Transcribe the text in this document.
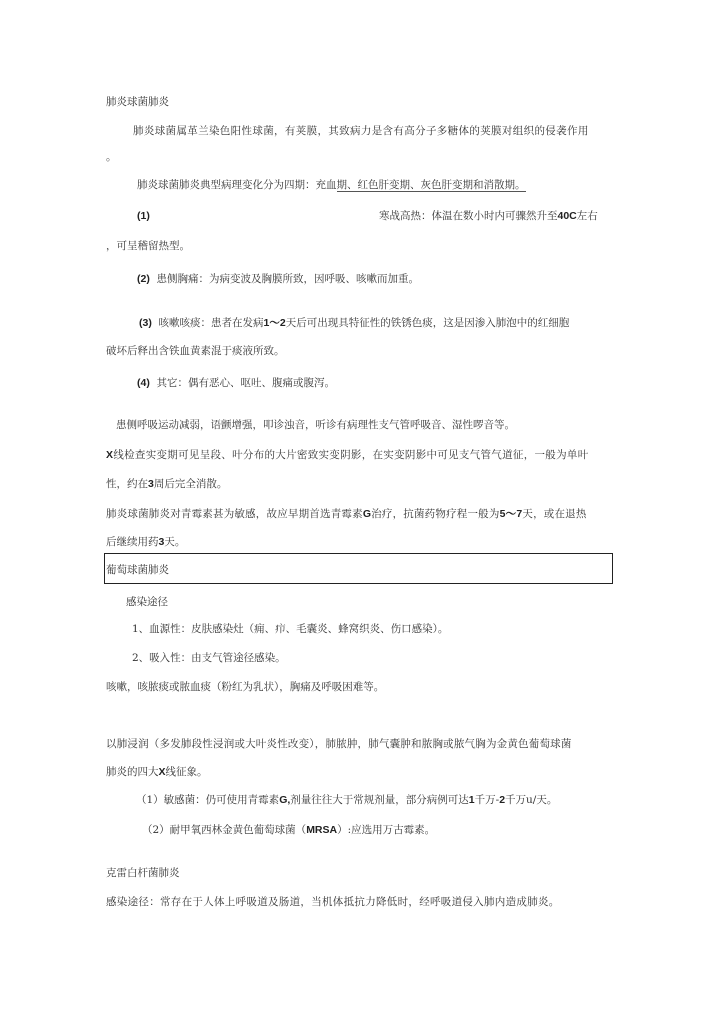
肺炎球菌肺炎
肺炎球菌属革兰染色阳性球菌，有荚膜，其致病力是含有高分子多糖体的荚膜对组织的侵袭作用
。
肺炎球菌肺炎典型病理变化分为四期：充血期、红色肝变期、灰色肝变期和消散期。
(1)	寒战高热：体温在数小时内可骤然升至40C左右
，可呈稽留热型。
(2) 患侧胸痛：为病变波及胸膜所致，因呼吸、咳嗽而加重。
(3) 咳嗽咳痰：患者在发病1～2天后可出现具特征性的铁锈色痰，这是因渗入肺泡中的红细胞
破坏后释出含铁血黄素混于痰液所致。
(4) 其它：偶有恶心、呕吐、腹痛或腹泻。
患侧呼吸运动减弱，语颤增强，叩诊浊音，听诊有病理性支气管呼吸音、湿性啰音等。
X线检查实变期可见呈段、叶分布的大片密致实变阴影，在实变阴影中可见支气管气道征，一般为单叶
性，约在3周后完全消散。
肺炎球菌肺炎对青霉素甚为敏感，故应早期首选青霉素G治疗，抗菌药物疗程一般为5～7天，或在退热
后继续用药3天。
葡萄球菌肺炎
感染途径
1、血源性：皮肤感染灶（痈、疖、毛囊炎、蜂窝织炎、伤口感染）。
2、吸入性：由支气管途径感染。
咳嗽，咳脓痰或脓血痰（粉红为乳状），胸痛及呼吸困难等。
以肺浸润（多发肺段性浸润或大叶炎性改变），肺脓肿，肺气囊肿和脓胸或脓气胸为金黄色葡萄球菌
肺炎的四大X线征象。
（1）敏感菌：仍可使用青霉素G,剂量往往大于常规剂量，部分病例可达1千万-2千万u/天。
（2）耐甲氧西林金黄色葡萄球菌（MRSA）:应选用万古霉素。
克雷白杆菌肺炎
感染途径：常存在于人体上呼吸道及肠道，当机体抵抗力降低时，经呼吸道侵入肺内造成肺炎。
